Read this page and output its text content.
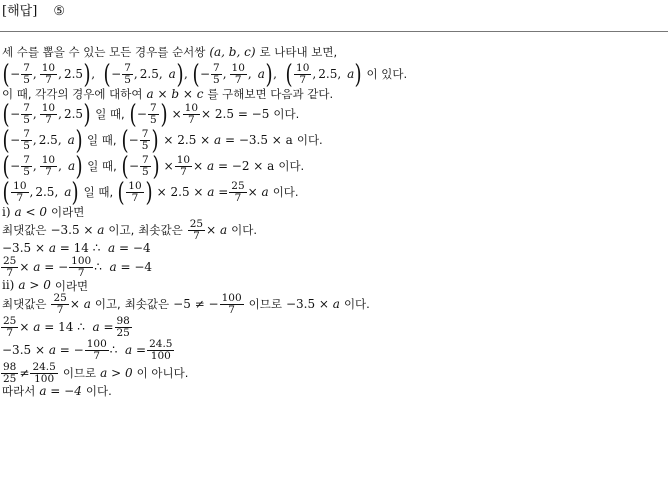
[해답] ⑤
세 수를 뽑을 수 있는 모든 경우를 순서쌍 (a, b, c) 로 나타내 보면,
( − $\frac{7}{5}$ , 10
7 , 2.5 ) , ( − $\frac{7}{5}$ , 2.5 , a ) , ( − $\frac{7}{5}$ , 10
7 , a ) , ( 10
7 , 2.5 , a ) 이 있다.
이 때, 각각의 경우에 대하여 a × b × c 를 구해보면 다음과 같다.
( − $\frac{7}{5}$ , 10
7 , 2.5 ) 일 때, ( − $\frac{7}{5}$ ) × $\frac{10}{7} \times 2.5 = -5$ 이다.
( − $\frac{7}{5}$ , 2.5 , a ) 일 때, ( − $\frac{7}{5}$ ) × 2.5 × a = −3.5 × a 이다.
( − $\frac{7}{5}$ , 10
7 , a ) 일 때, ( − $\frac{7}{5}$ ) × $\frac{10}{7} \times a = -2 \times a$ 이다.
( 10
7 , 2.5 , a ) 일 때, ( 10
7 ) × $2.5 \times a = \frac{25}{7} \times a$ 이다.
ⅰ) a < 0 이라면
최댓값은 −3.5 × a 이고, 최솟값은 $\frac{25}{7} \times a$ 이다.
−3.5 × a = 14 ∴ a = −4
$\frac{25}{7} \times a$ = − $\frac{100}{7}$ ∴ a = −4
ⅱ) a > 0 이라면
최댓값은 $\frac{25}{7} \times a$ 이고, 최솟값은 −5 ≠ − $\frac{100}{7}$ 이므로 −3.5 × a 이다.
$\frac{25}{7} \times a = 14$ ∴ $a = \frac{98}{25}$
−3.5 × a = − $\frac{100}{7}$ ∴ $a = \frac{24.5}{100}$
98
25 ≠ 24.5
100 이므로 a > 0 이 아니다.
따라서 a = −4 이다.
